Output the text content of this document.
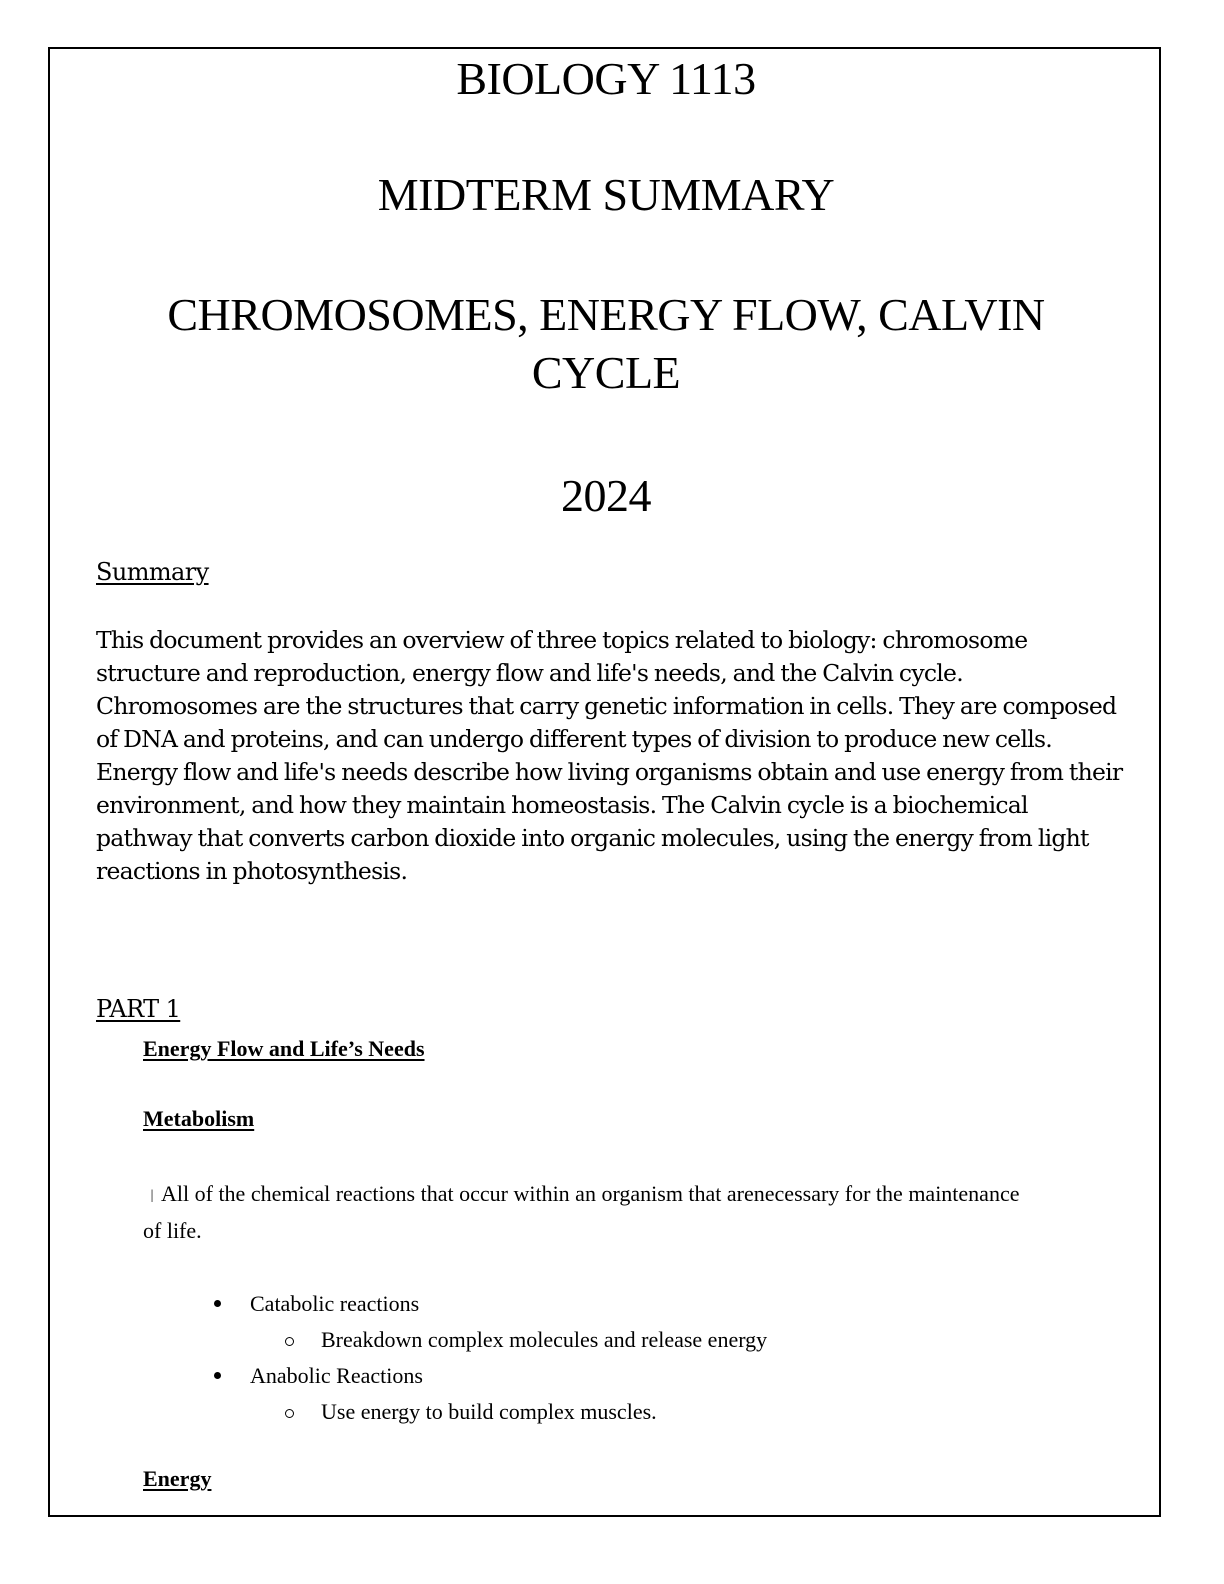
BIOLOGY 1113
MIDTERM SUMMARY
CHROMOSOMES, ENERGY FLOW, CALVIN
CYCLE
2024
Summary

This document provides an overview of three topics related to biology: chromosome structure and reproduction, energy flow and life's needs, and the Calvin cycle. Chromosomes are the structures that carry genetic information in cells. They are composed of DNA and proteins, and can undergo different types of division to produce new cells. Energy flow and life's needs describe how living organisms obtain and use energy from their environment, and how they maintain homeostasis. The Calvin cycle is a biochemical pathway that converts carbon dioxide into organic molecules, using the energy from light reactions in photosynthesis.

PART 1
Energy Flow and Life’s Needs
Metabolism

| All of the chemical reactions that occur within an organism that arenecessary for the maintenance of life.

Catabolic reactions
Breakdown complex molecules and release energy
Anabolic Reactions
Use energy to build complex muscles.
Energy
